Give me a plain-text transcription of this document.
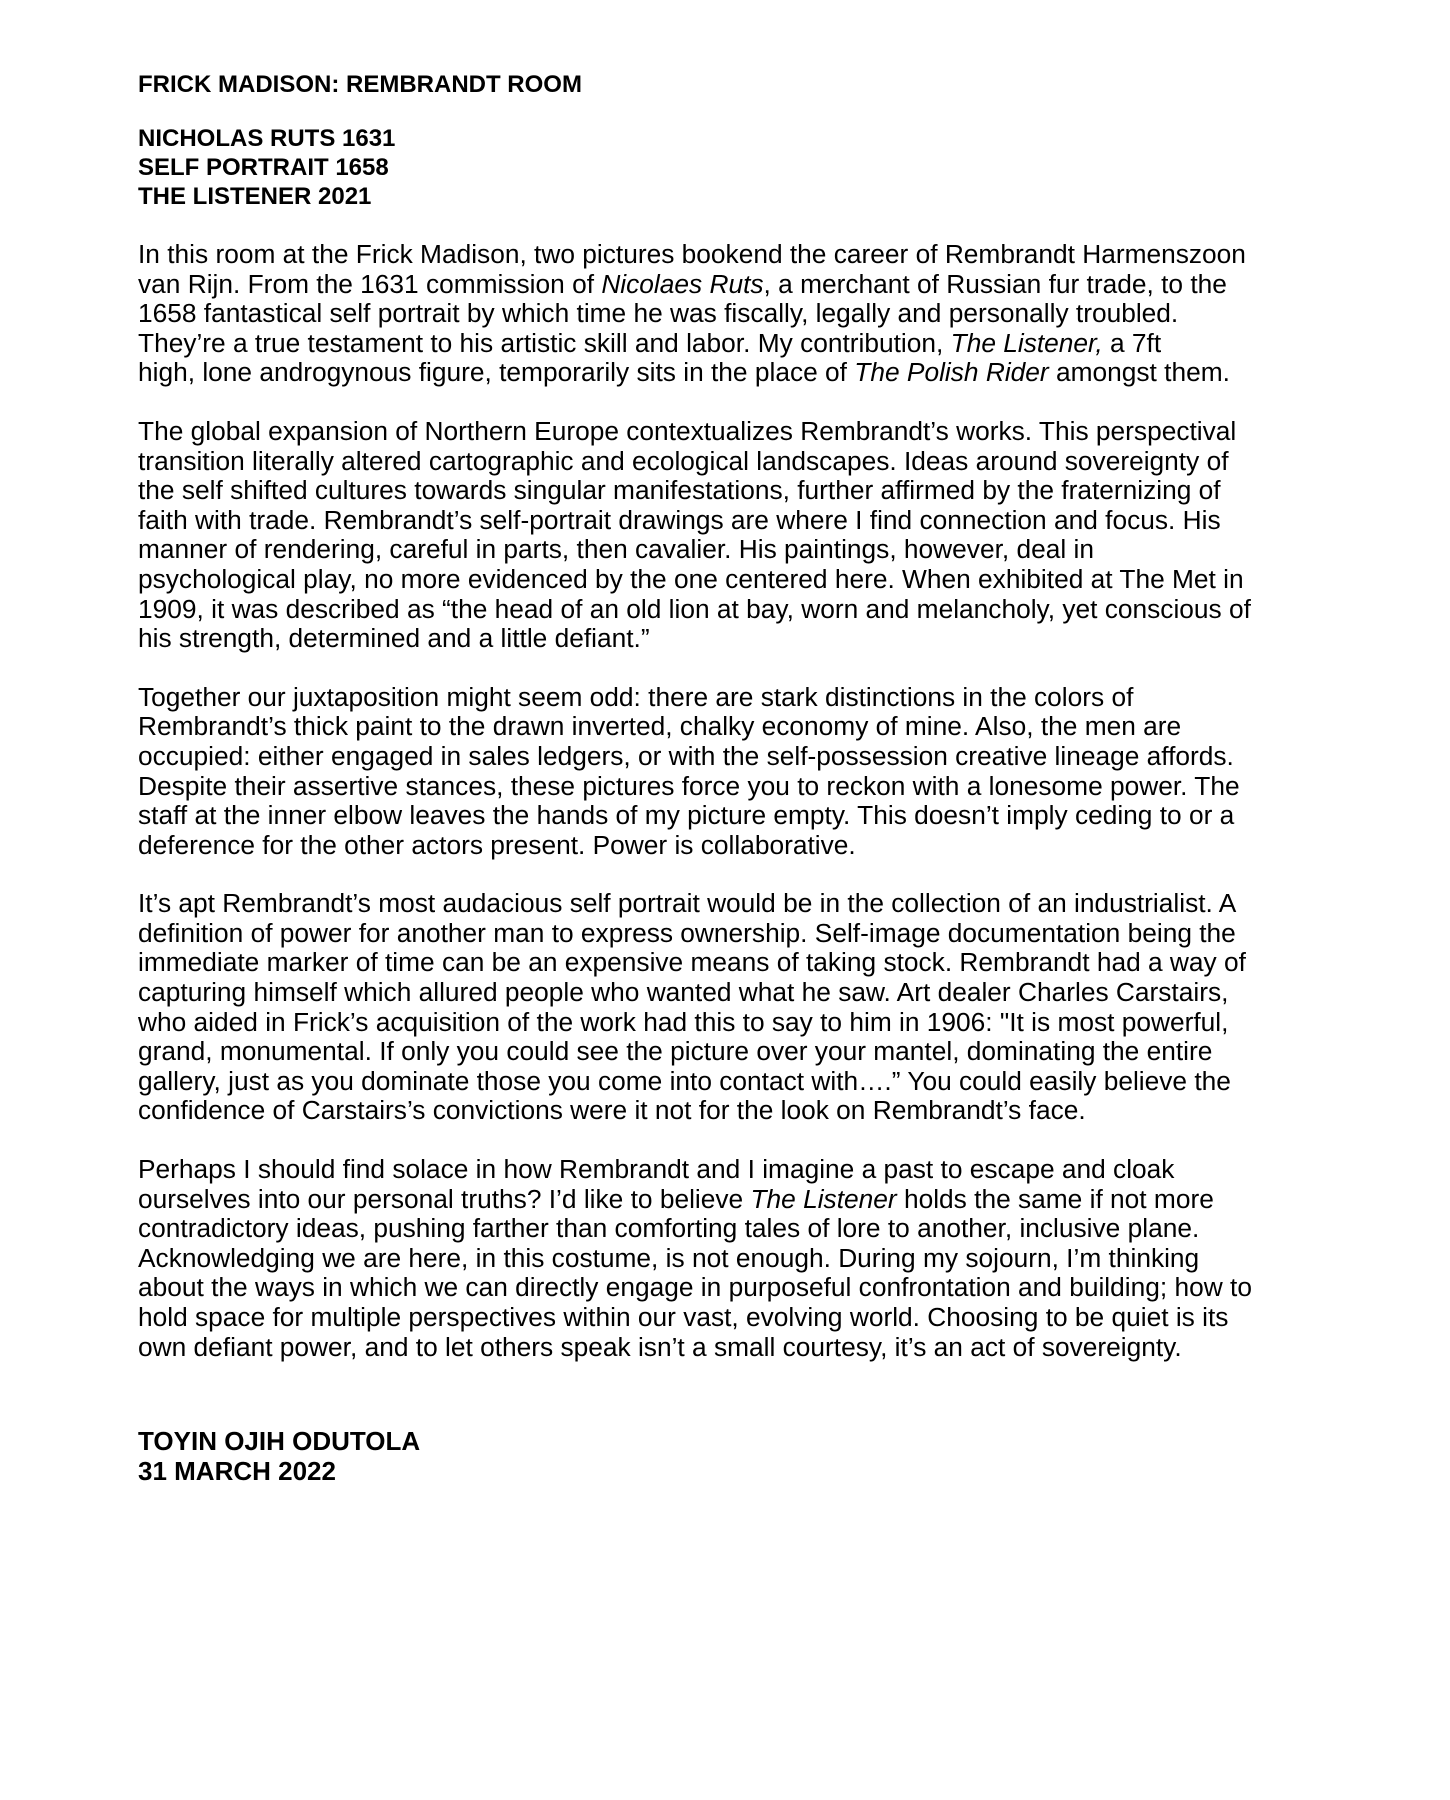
FRICK MADISON: REMBRANDT ROOM
NICHOLAS RUTS 1631
SELF PORTRAIT 1658
THE LISTENER 2021
In this room at the Frick Madison, two pictures bookend the career of Rembrandt Harmenszoon
van Rijn. From the 1631 commission of Nicolaes Ruts, a merchant of Russian fur trade, to the
1658 fantastical self portrait by which time he was fiscally, legally and personally troubled.
They’re a true testament to his artistic skill and labor. My contribution, The Listener, a 7ft
high, lone androgynous figure, temporarily sits in the place of The Polish Rider amongst them.
The global expansion of Northern Europe contextualizes Rembrandt’s works. This perspectival
transition literally altered cartographic and ecological landscapes. Ideas around sovereignty of
the self shifted cultures towards singular manifestations, further affirmed by the fraternizing of
faith with trade. Rembrandt’s self-portrait drawings are where I find connection and focus. His
manner of rendering, careful in parts, then cavalier. His paintings, however, deal in
psychological play, no more evidenced by the one centered here. When exhibited at The Met in
1909, it was described as “the head of an old lion at bay, worn and melancholy, yet conscious of
his strength, determined and a little defiant.”
Together our juxtaposition might seem odd: there are stark distinctions in the colors of
Rembrandt’s thick paint to the drawn inverted, chalky economy of mine. Also, the men are
occupied: either engaged in sales ledgers, or with the self-possession creative lineage affords.
Despite their assertive stances, these pictures force you to reckon with a lonesome power. The
staff at the inner elbow leaves the hands of my picture empty. This doesn’t imply ceding to or a
deference for the other actors present. Power is collaborative.
It’s apt Rembrandt’s most audacious self portrait would be in the collection of an industrialist. A
definition of power for another man to express ownership. Self-image documentation being the
immediate marker of time can be an expensive means of taking stock. Rembrandt had a way of
capturing himself which allured people who wanted what he saw. Art dealer Charles Carstairs,
who aided in Frick’s acquisition of the work had this to say to him in 1906: "It is most powerful,
grand, monumental. If only you could see the picture over your mantel, dominating the entire
gallery, just as you dominate those you come into contact with….” You could easily believe the
confidence of Carstairs’s convictions were it not for the look on Rembrandt’s face.
Perhaps I should find solace in how Rembrandt and I imagine a past to escape and cloak
ourselves into our personal truths? I’d like to believe The Listener holds the same if not more
contradictory ideas, pushing farther than comforting tales of lore to another, inclusive plane.
Acknowledging we are here, in this costume, is not enough. During my sojourn, I’m thinking
about the ways in which we can directly engage in purposeful confrontation and building; how to
hold space for multiple perspectives within our vast, evolving world. Choosing to be quiet is its
own defiant power, and to let others speak isn’t a small courtesy, it’s an act of sovereignty.
TOYIN OJIH ODUTOLA
31 MARCH 2022
